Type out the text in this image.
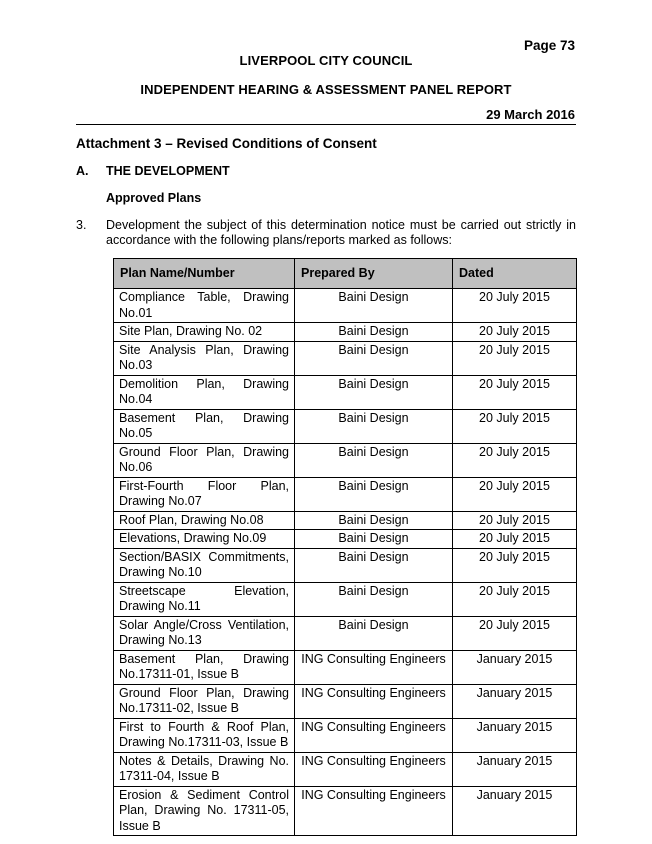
Page 73
LIVERPOOL CITY COUNCIL
INDEPENDENT HEARING & ASSESSMENT PANEL REPORT
29 March 2016
Attachment 3 – Revised Conditions of Consent
A. THE DEVELOPMENT
Approved Plans
3. Development the subject of this determination notice must be carried out strictly in accordance with the following plans/reports marked as follows:
Plan Name/Number	Prepared By	Dated
Compliance Table, Drawing No.01	Baini Design	20 July 2015
Site Plan, Drawing No. 02	Baini Design	20 July 2015
Site Analysis Plan, Drawing No.03	Baini Design	20 July 2015
Demolition Plan, Drawing No.04	Baini Design	20 July 2015
Basement Plan, Drawing No.05	Baini Design	20 July 2015
Ground Floor Plan, Drawing No.06	Baini Design	20 July 2015
First-Fourth Floor Plan, Drawing No.07	Baini Design	20 July 2015
Roof Plan, Drawing No.08	Baini Design	20 July 2015
Elevations, Drawing No.09	Baini Design	20 July 2015
Section/BASIX Commitments, Drawing No.10	Baini Design	20 July 2015
Streetscape Elevation, Drawing No.11	Baini Design	20 July 2015
Solar Angle/Cross Ventilation, Drawing No.13	Baini Design	20 July 2015
Basement Plan, Drawing No.17311-01, Issue B	ING Consulting Engineers	January 2015
Ground Floor Plan, Drawing No.17311-02, Issue B	ING Consulting Engineers	January 2015
First to Fourth & Roof Plan, Drawing No.17311-03, Issue B	ING Consulting Engineers	January 2015
Notes & Details, Drawing No. 17311-04, Issue B	ING Consulting Engineers	January 2015
Erosion & Sediment Control Plan, Drawing No. 17311-05, Issue B	ING Consulting Engineers	January 2015
